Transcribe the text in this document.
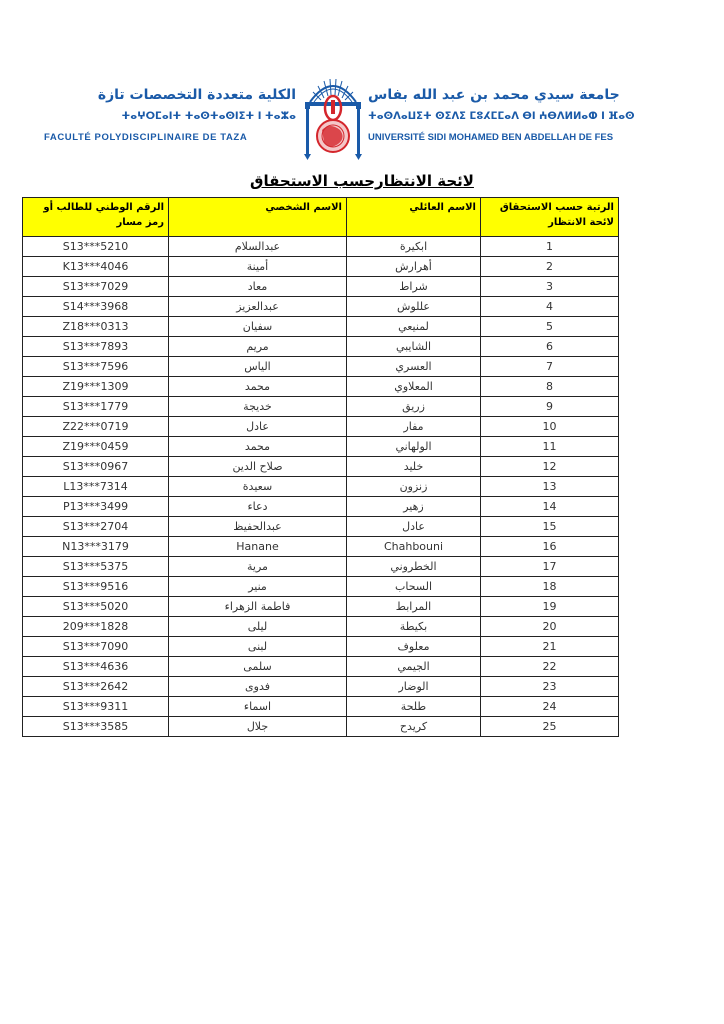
الكلية متعددة التخصصات تازة
ⵜⴰⵖⵔⵎⴰⵏⵜ ⵜⴰⵙⵜⴰⵙⵏⵉⵜ ⵏ ⵜⴰⵣⴰ
FACULTÉ POLYDISCIPLINAIRE DE TAZA
جامعة سيدي محمد بن عبد الله بفاس
ⵜⴰⵙⴷⴰⵡⵉⵜ ⵙⵉⴷⵉ ⵎⵓⵃⵎⵎⴰⴷ ⴱⵏ ⵄⴱⴷⵍⵍⴰⵀ ⵏ ⴼⴰⵙ
UNIVERSITÉ SIDI MOHAMED BEN ABDELLAH DE FES
لائحة الانتظارحسب الاستحقاق
الرقم الوطني للطالب أو رمز مسار	الاسم الشخصي	الاسم العائلي	الرتبة حسب الاستحقاق لائحة الانتظار
S13***5210	عبدالسلام	ابكيرة	1
K13***4046	أمينة	أهرارش	2
S13***7029	معاد	شراط	3
S14***3968	عبدالعزيز	عللوش	4
Z18***0313	سفيان	لمنيعي	5
S13***7893	مريم	الشايبي	6
S13***7596	الياس	العسري	7
Z19***1309	محمد	المعلاوي	8
S13***1779	خديجة	زريق	9
Z22***0719	عادل	مفار	10
Z19***0459	محمد	الولهاني	11
S13***0967	صلاح الدين	خليد	12
L13***7314	سعيدة	زنزون	13
P13***3499	دعاء	زهير	14
S13***2704	عبدالحفيظ	عادل	15
N13***3179	Hanane	Chahbouni	16
S13***5375	مرية	الخطروني	17
S13***9516	منير	السحاب	18
S13***5020	فاطمة الزهراء	المرابط	19
209***1828	ليلى	بكيطة	20
S13***7090	لبنى	معلوف	21
S13***4636	سلمى	الجيمي	22
S13***2642	فدوى	الوضار	23
S13***9311	اسماء	طلحة	24
S13***3585	جلال	كريدح	25
